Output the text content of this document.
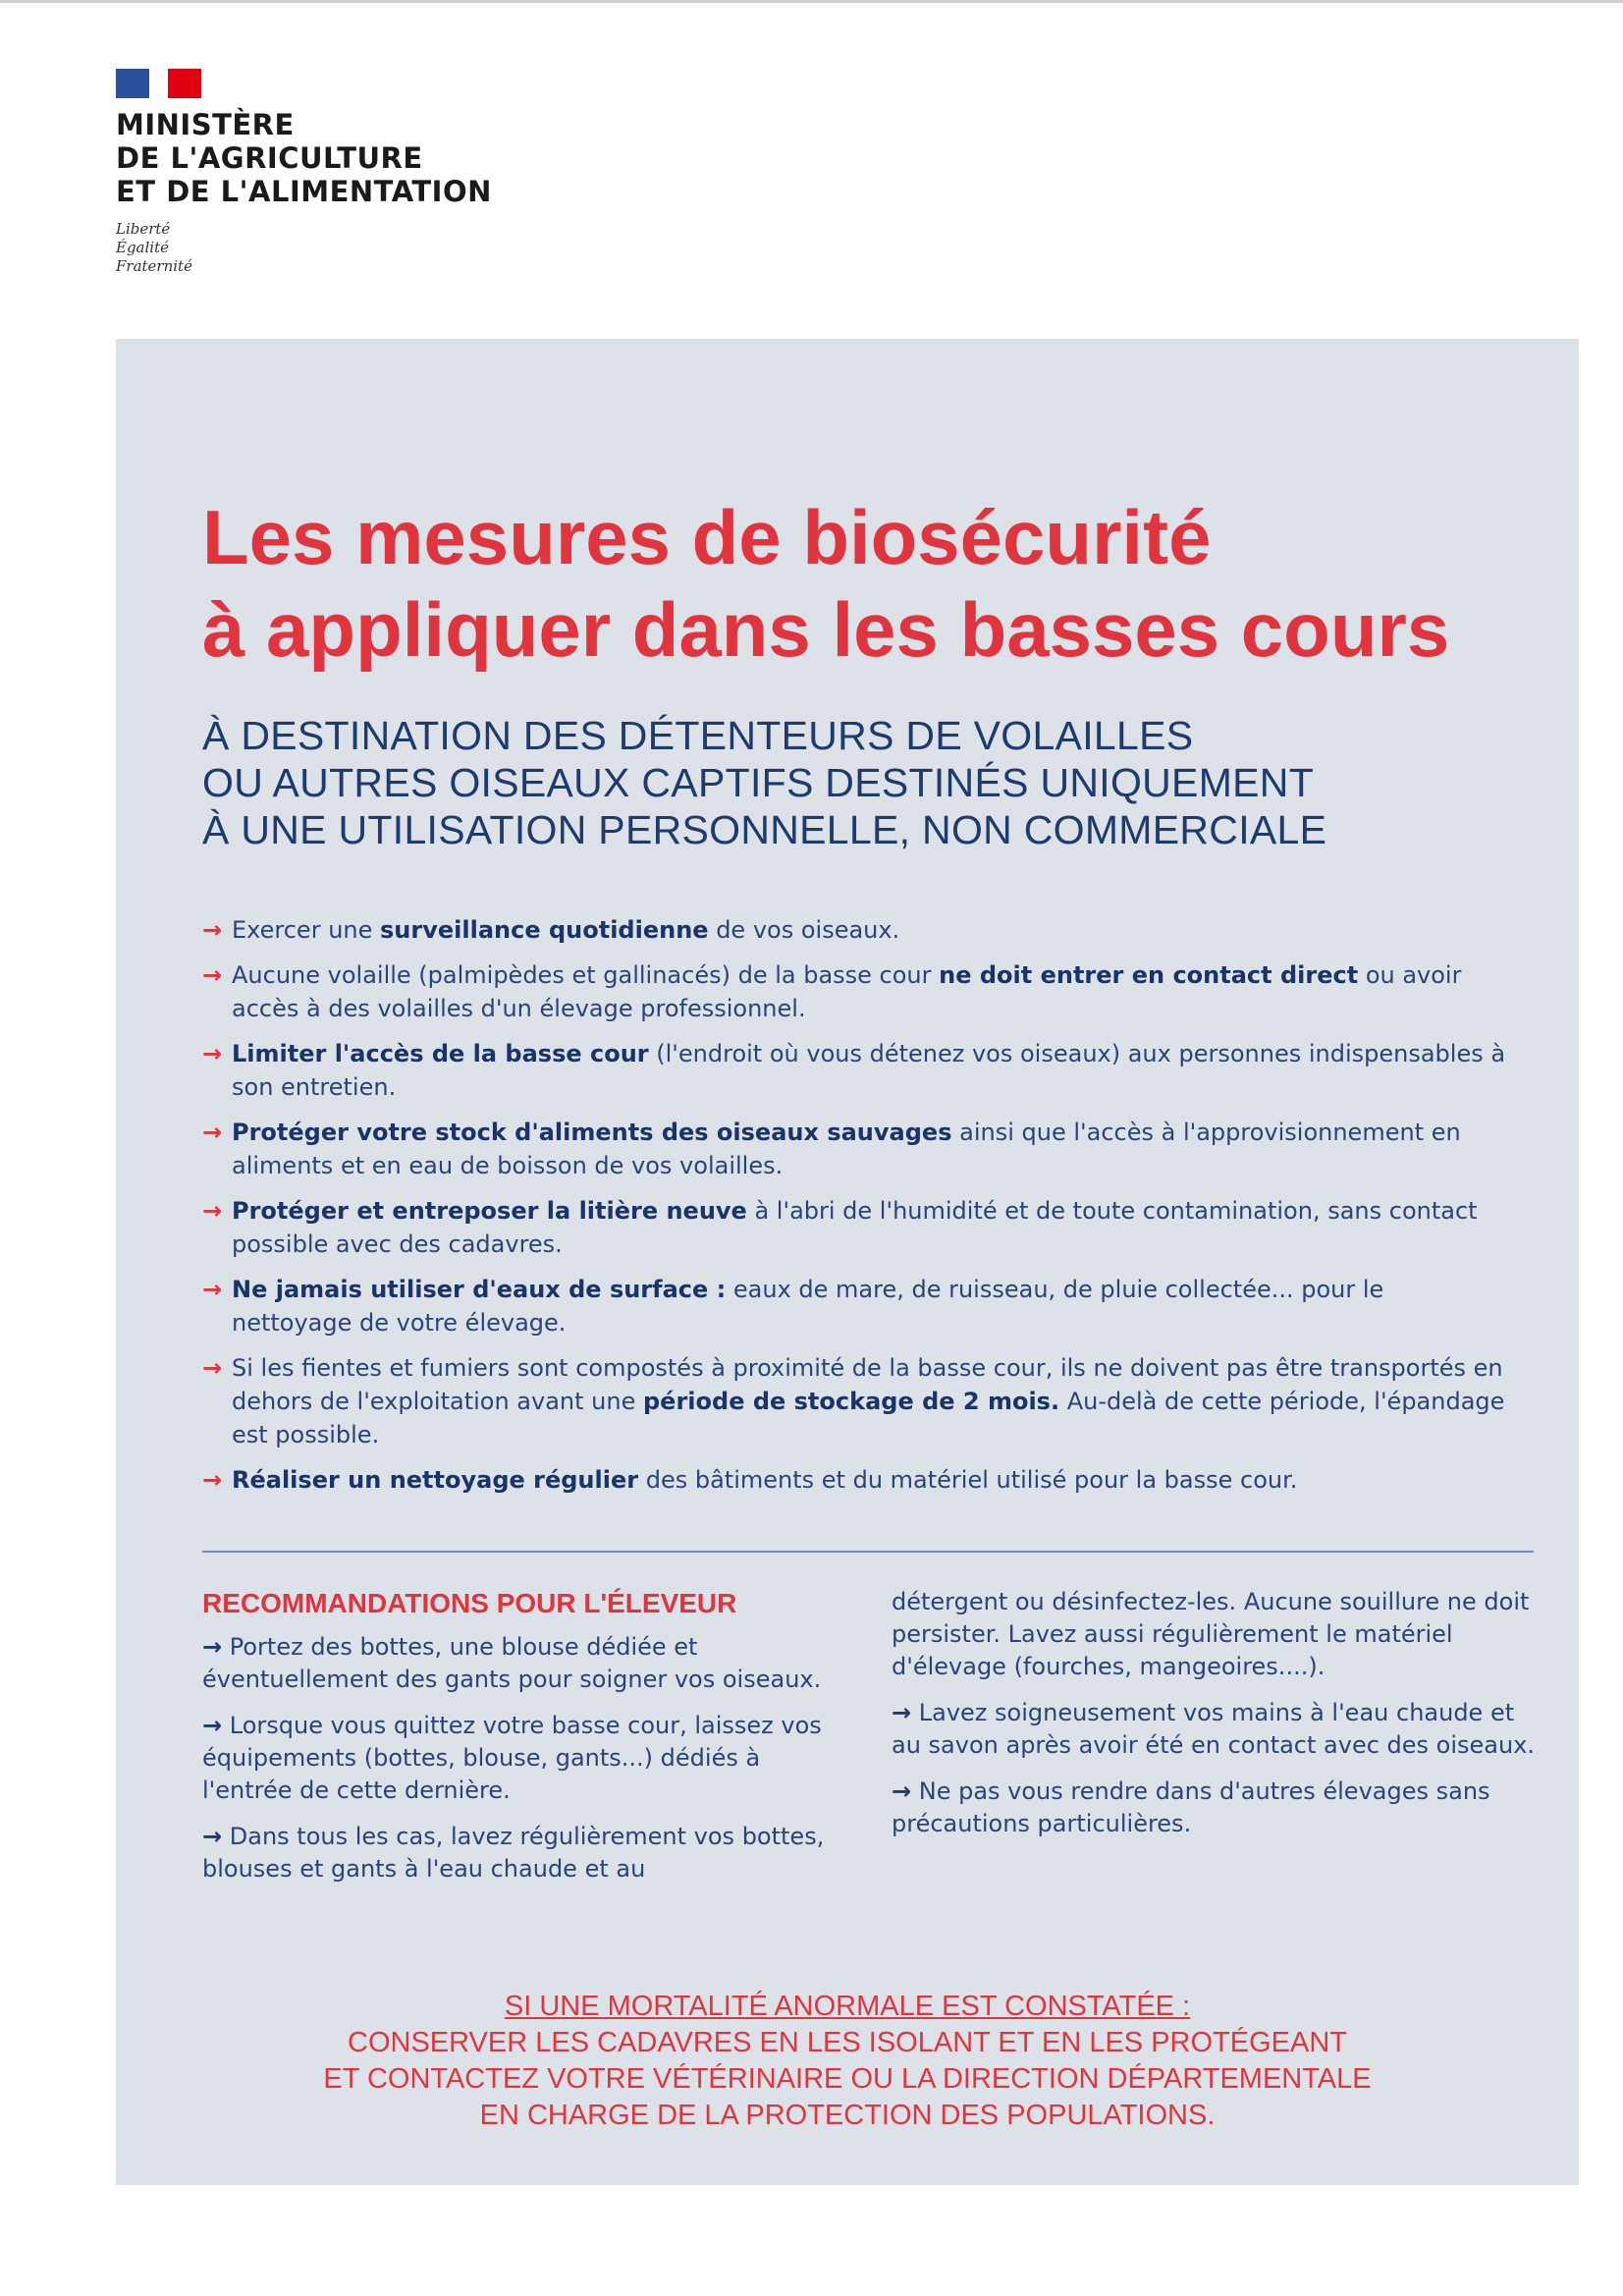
MINISTÈRE
DE L'AGRICULTURE
ET DE L'ALIMENTATION
Liberté
Égalité
Fraternité
Les mesures de biosécurité
à appliquer dans les basses cours
À DESTINATION DES DÉTENTEURS DE VOLAILLES
OU AUTRES OISEAUX CAPTIFS DESTINÉS UNIQUEMENT
À UNE UTILISATION PERSONNELLE, NON COMMERCIALE
→ Exercer une surveillance quotidienne de vos oiseaux.
→ Aucune volaille (palmipèdes et gallinacés) de la basse cour ne doit entrer en contact direct ou avoir accès à des volailles d'un élevage professionnel.
→ Limiter l'accès de la basse cour (l'endroit où vous détenez vos oiseaux) aux personnes indispensables à son entretien.
→ Protéger votre stock d'aliments des oiseaux sauvages ainsi que l'accès à l'approvisionnement en aliments et en eau de boisson de vos volailles.
→ Protéger et entreposer la litière neuve à l'abri de l'humidité et de toute contamination, sans contact possible avec des cadavres.
→ Ne jamais utiliser d'eaux de surface : eaux de mare, de ruisseau, de pluie collectée... pour le nettoyage de votre élevage.
→ Si les fientes et fumiers sont compostés à proximité de la basse cour, ils ne doivent pas être transportés en dehors de l'exploitation avant une période de stockage de 2 mois. Au-delà de cette période, l'épandage est possible.
→ Réaliser un nettoyage régulier des bâtiments et du matériel utilisé pour la basse cour.
RECOMMANDATIONS POUR L'ÉLEVEUR

→ Portez des bottes, une blouse dédiée et éventuellement des gants pour soigner vos oiseaux.

→ Lorsque vous quittez votre basse cour, laissez vos équipements (bottes, blouse, gants...) dédiés à l'entrée de cette dernière.

→ Dans tous les cas, lavez régulièrement vos bottes, blouses et gants à l'eau chaude et au

détergent ou désinfectez-les. Aucune souillure ne doit persister. Lavez aussi régulièrement le matériel d'élevage (fourches, mangeoires....).

→ Lavez soigneusement vos mains à l'eau chaude et au savon après avoir été en contact avec des oiseaux.

→ Ne pas vous rendre dans d'autres élevages sans précautions particulières.

SI UNE MORTALITÉ ANORMALE EST CONSTATÉE :
CONSERVER LES CADAVRES EN LES ISOLANT ET EN LES PROTÉGEANT
ET CONTACTEZ VOTRE VÉTÉRINAIRE OU LA DIRECTION DÉPARTEMENTALE
EN CHARGE DE LA PROTECTION DES POPULATIONS.
